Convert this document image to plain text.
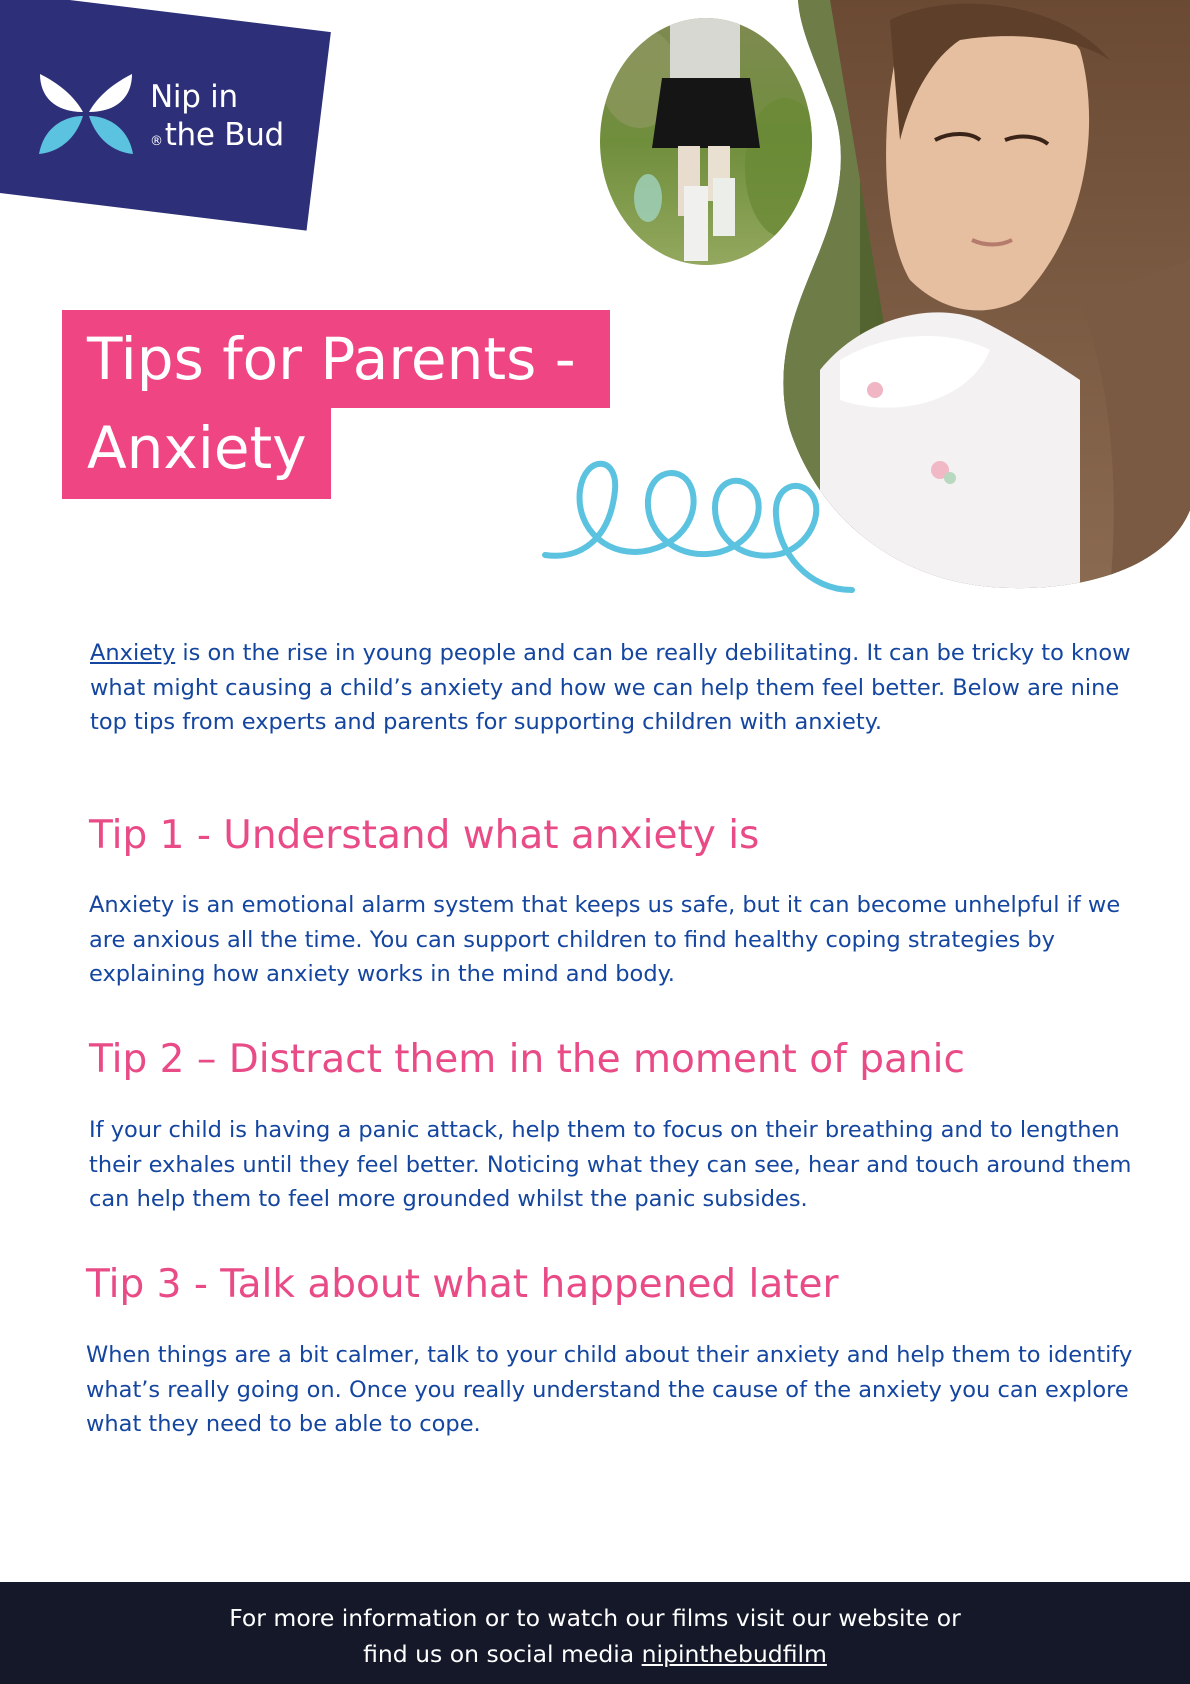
Nip in
®the Bud
Tips for Parents -
Anxiety
Anxiety is on the rise in young people and can be really debilitating. It can be tricky to know what might causing a child’s anxiety and how we can help them feel better. Below are nine top tips from experts and parents for supporting children with anxiety.
Tip 1 - Understand what anxiety is
Anxiety is an emotional alarm system that keeps us safe, but it can become unhelpful if we are anxious all the time. You can support children to find healthy coping strategies by explaining how anxiety works in the mind and body.
Tip 2 – Distract them in the moment of panic
If your child is having a panic attack, help them to focus on their breathing and to lengthen their exhales until they feel better. Noticing what they can see, hear and touch around them can help them to feel more grounded whilst the panic subsides.
Tip 3 - Talk about what happened later
When things are a bit calmer, talk to your child about their anxiety and help them to identify what’s really going on. Once you really understand the cause of the anxiety you can explore what they need to be able to cope.
For more information or to watch our films visit our website or
find us on social media nipinthebudfilm
